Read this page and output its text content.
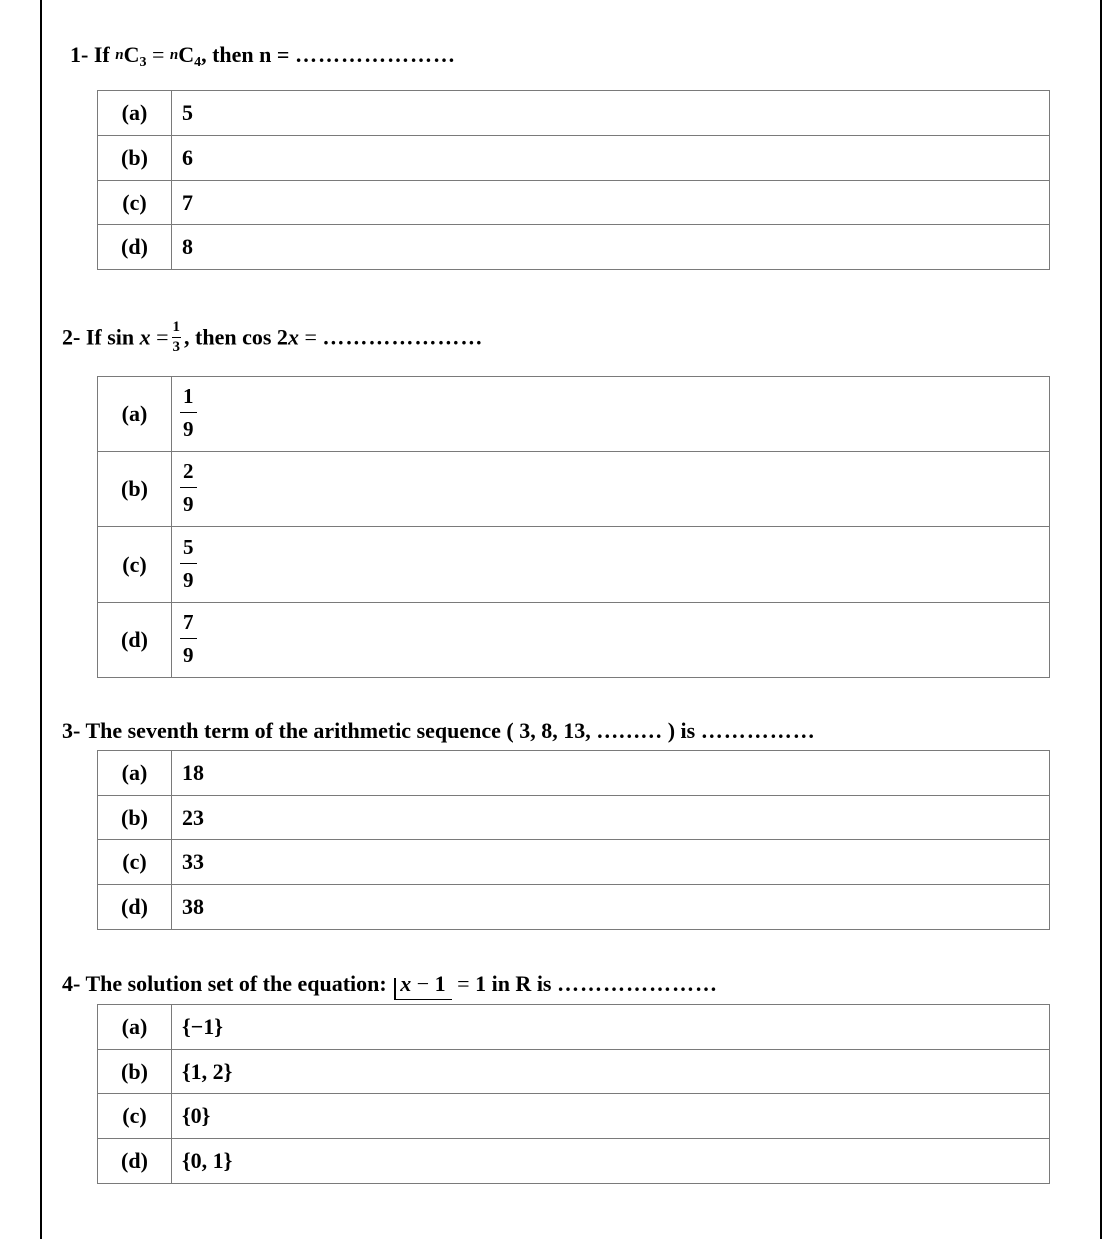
1- If $^nC_3 = ^nC_4$, then n = …………………
(a)	5
(b)	6
(c)	7
(d)	8
2- If $\sin x = \frac{1}{3}$ , then cos 2x = …………………
(a)	$\frac{1}{9}$

(b)	$\frac{2}{9}$

(c)	$\frac{5}{9}$

(d)	$\frac{7}{9}$
3- The seventh term of the arithmetic sequence ( 3, 8, 13, ……… ) is ……………
(a)	18
(b)	23
(c)	33
(d)	38
4- The solution set of the equation: x − 1 = 1 in R is …………………
(a)	{−1}
(b)	{1, 2}
(c)	{0}
(d)	{0, 1}
